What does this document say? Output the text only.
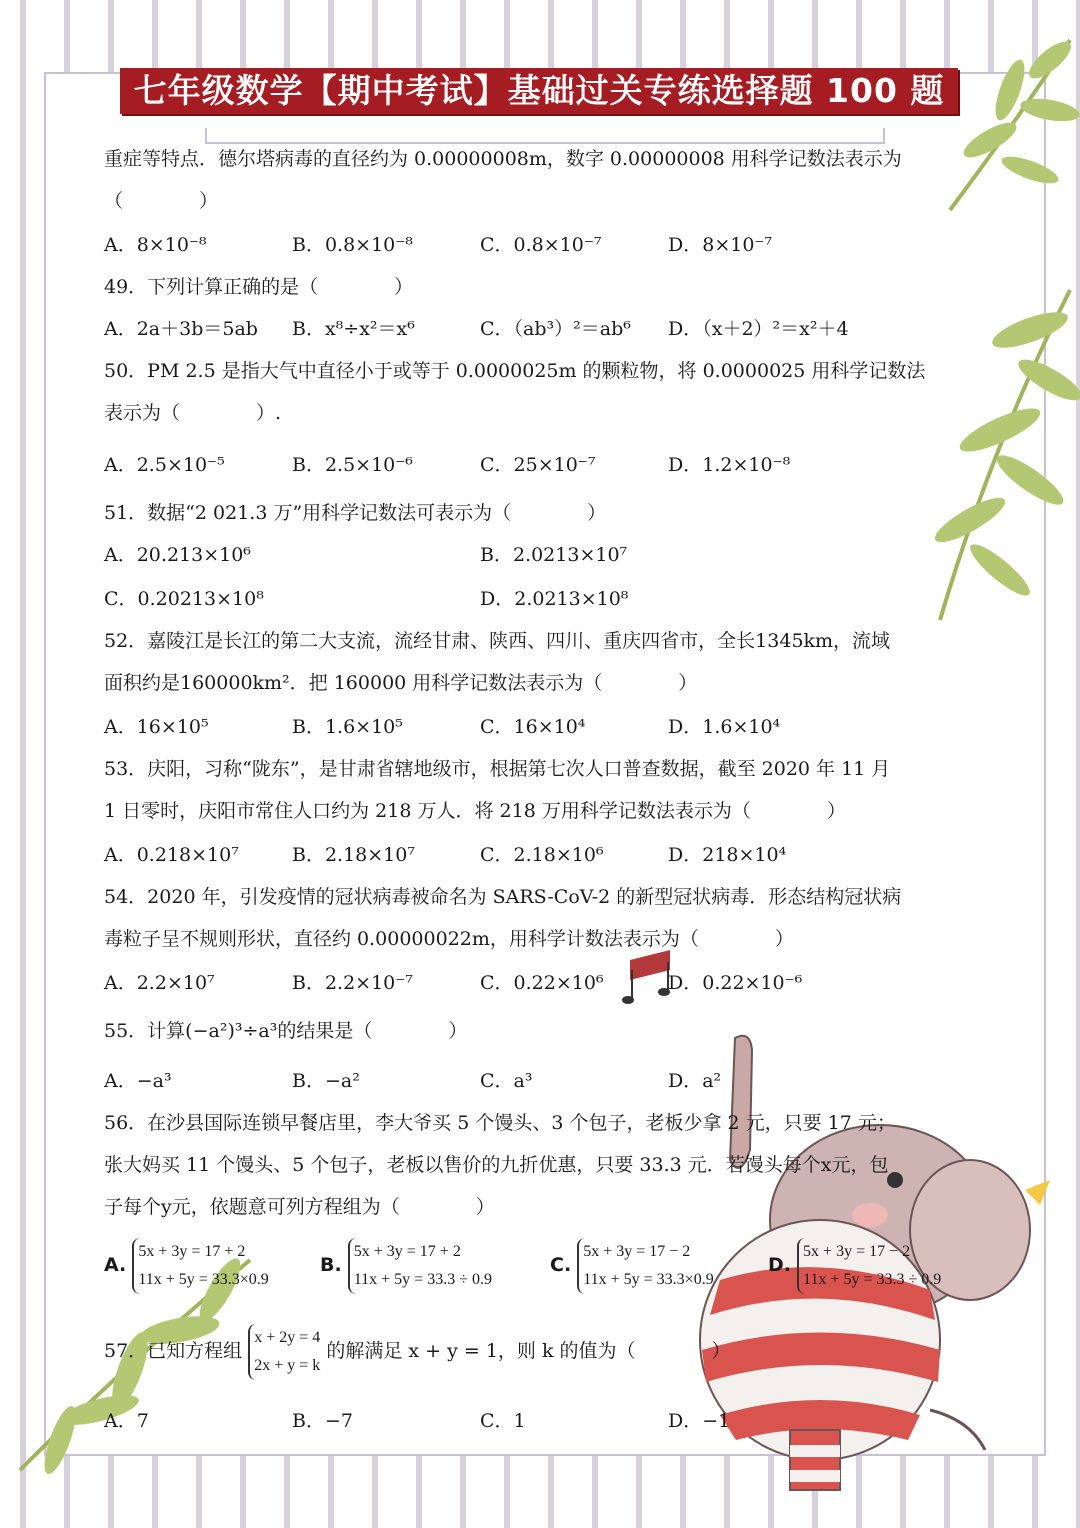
七年级数学【期中考试】基础过关专练选择题 100 题
重症等特点．德尔塔病毒的直径约为 0.00000008m，数字 0.00000008 用科学记数法表示为
（　　　　）
A．8×10⁻⁸	B．0.8×10⁻⁸	C．0.8×10⁻⁷	D．8×10⁻⁷
49．下列计算正确的是（　　　　）
A．2a＋3b＝5ab B．x⁸÷x²＝x⁶	C．（ab³）²＝ab⁶ D．（x＋2）²＝x²＋4
50．PM 2.5 是指大气中直径小于或等于 0.0000025m 的颗粒物，将 0.0000025 用科学记数法
表示为（　　　　）.
A．2.5×10⁻⁵	B．2.5×10⁻⁶	C．25×10⁻⁷	D．1.2×10⁻⁸
51．数据“2 021.3 万”用科学记数法可表示为（　　　　）
A．20.213×10⁶	B．2.0213×10⁷
C．0.20213×10⁸	D．2.0213×10⁸
52．嘉陵江是长江的第二大支流，流经甘肃、陕西、四川、重庆四省市，全长1345km，流域
面积约是160000km²．把 160000 用科学记数法表示为（　　　　）
A．16×10⁵	B．1.6×10⁵	C．16×10⁴	D．1.6×10⁴
53．庆阳，习称“陇东”，是甘肃省辖地级市，根据第七次人口普查数据，截至 2020 年 11 月
1 日零时，庆阳市常住人口约为 218 万人．将 218 万用科学记数法表示为（　　　　）
A．0.218×10⁷	B．2.18×10⁷	C．2.18×10⁶	D．218×10⁴
54．2020 年，引发疫情的冠状病毒被命名为 SARS-CoV-2 的新型冠状病毒．形态结构冠状病
毒粒子呈不规则形状，直径约 0.00000022m，用科学计数法表示为（　　　　）
A．2.2×10⁷	B．2.2×10⁻⁷	C．0.22×10⁶	D．0.22×10⁻⁶
55．计算(−a²)³÷a³的结果是（　　　　）
A．−a³	B．−a²	C．a³	D．a²
56．在沙县国际连锁早餐店里，李大爷买 5 个馒头、3 个包子，老板少拿 2 元，只要 17 元；
张大妈买 11 个馒头、5 个包子，老板以售价的九折优惠，只要 33.3 元．若馒头每个x元，包
子每个y元，依题意可列方程组为（　　　　）
A. 5x + 3y = 17 + 2
11x + 5y = 33.3×0.9
B. 5x + 3y = 17 + 2
11x + 5y = 33.3 ÷ 0.9
C. 5x + 3y = 17 − 2
11x + 5y = 33.3×0.9
D. 5x + 3y = 17 − 2
11x + 5y = 33.3 ÷ 0.9
57．已知方程组 x + 2y = 4
2x + y = k 的解满足 x + y = 1，则 k 的值为（　　　　）
A．7	B．−7	C．1	D．−1
